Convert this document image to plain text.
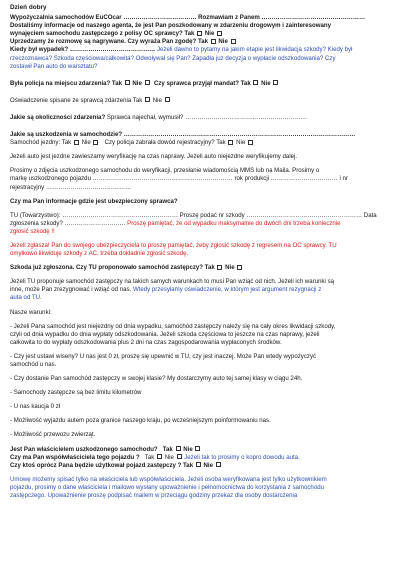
Dzień dobry

Wypożyczalnia samochodów EuCOcar ……………………………… Rozmawiam z Panem ……………………………………………

Dostaliśmy informacje od naszego agenta, że jest Pan poszkodowany w zdarzeniu drogowym i zainteresowany

wynajęciem samochodu zastępczego z polisy OC sprawcy? Tak Nie

Uprzedzamy że rozmowę są nagrywane. Czy wyraża Pan zgodę? Tak Nie

Kiedy był wypadek? …………………………………… Jeżeli dawno to pytamy na jakim etapie jest likwidacja szkody? Kiedy był

rzeczoznawca? Szkoda częściowa/całkowita? Odwoływał się Pan? Zapadła już decyzja o wypłacie odszkodowania? Czy

zostawił Pan auto do warsztatu?

Była policja na miejscu zdarzenia? Tak Nie Czy sprawca przyjął mandat? Tak Nie

Oświadczenie spisane ze sprawcą zdarzenia Tak Nie

Jakie są okoliczności zdarzenia? Sprawca najechał, wymusił? ……………………………………………………

Jakie są uszkodzenia w samochodzie? ……………………………………………………………………………………………………

Samochód jezdny: Tak Nie Czy policja zabrała dowód rejestracyjny? Tak Nie

Jeżeli auto jest jezdne zawieszamy weryfikację na czas naprawy. Jeżeli auto niejezdne weryfikujemy dalej.

Prosimy o zdjęcia uszkodzonego samochodu do weryfikacji, przesłanie wiadomością MMS lub na Maila. Prosimy o

markę uszkodzonego pojazdu …………………………………………………………… rok produkcji …………………………… i nr

rejestracyjny ……………………………………

Czy ma Pan informacje gdzie jest ubezpieczony sprawca?

TU (Towarzystwo): ………………………………………………… Proszę podać nr szkody ………………………………………………… Data

zgłoszenia szkody? ………………………… Proszę pamiętać, że od wypadku maksymalnie do dwóch dni trzeba koniecznie

zgłosić szkodę !!

Jeżeli zgłasza! Pan do swojego ubezpieczyciela to proszę pamiętać, żeby zgłosić szkodę z regresem na OC sprawcy. TU

omyłkowo likwiduje szkody z AC, trzeba dokładnie zgłosić szkodę.

Szkoda już zgłoszona. Czy TU proponowało samochód zastępczy? Tak Nie

Jeżeli TU proponuje samochód zastępczy na takich samych warunkach to musi Pan wziąć od nich. Jeżeli ich warunki są

inne, może Pan zrezygnować i wziąć od nas. Wtedy przesyłamy oświadczenie, w którym jest argument rezygnacji z

auta od TU.

Nasze warunki:

- Jeżeli Pana samochód jest niejezdny od dnia wypadku, samochód zastępczy należy się na cały okres likwidacji szkody,

czyli od dnia wypadku do dnia wypłaty odszkodowania. Jeżeli szkoda częściowa to jeszcze na czas naprawy, jeżeli

całkowita to do wypłaty odszkodowania plus 2 dni na czas zagospodarowania wypłaconych środków.

- Czy jest ustawi wiseny? U nas jest 0 zł, proszę się upewnić w TU, czy jest inaczej. Może Pan wtedy wypożyczyć

samochód u nas.

- Czy dostanie Pan samochód zastępczy w swojej klasie? My dostarczymy auto tej samej klasy w ciągu 24h.

- Samochody zastępcze są bez limitu kilometrów

- U nas kaucja 0 zł

- Możliwość wyjazdu autem poza granice naszego kraju, po wcześniejszym poinformowaniu nas.

- Możliwość przewozu zwierząt.

Jest Pan właścicielem uszkodzonego samochodu? Tak Nie

Czy ma Pan współwłaściciela tego pojazdu ? Tak Nie  Jeżeli tak to prosimy o kopro dowodu auta.

Czy ktoś oprócz Pana będzie użytkował pojazd zastępczy ? Tak Nie

Umowę możemy spisać tylko na właściciela lub współwłaściciela. Jeżeli osoba weryfikowana jest tylko użytkownikiem

pojazdu, prosimy o dane właściciela i mailowo wysłany upoważnienie i pełnomocnictwa do korzystania z samochodu

zastępczego. Upoważnienie proszę podpisać mailem w przeciągu godziny przekaz dla osoby dostarczenia
